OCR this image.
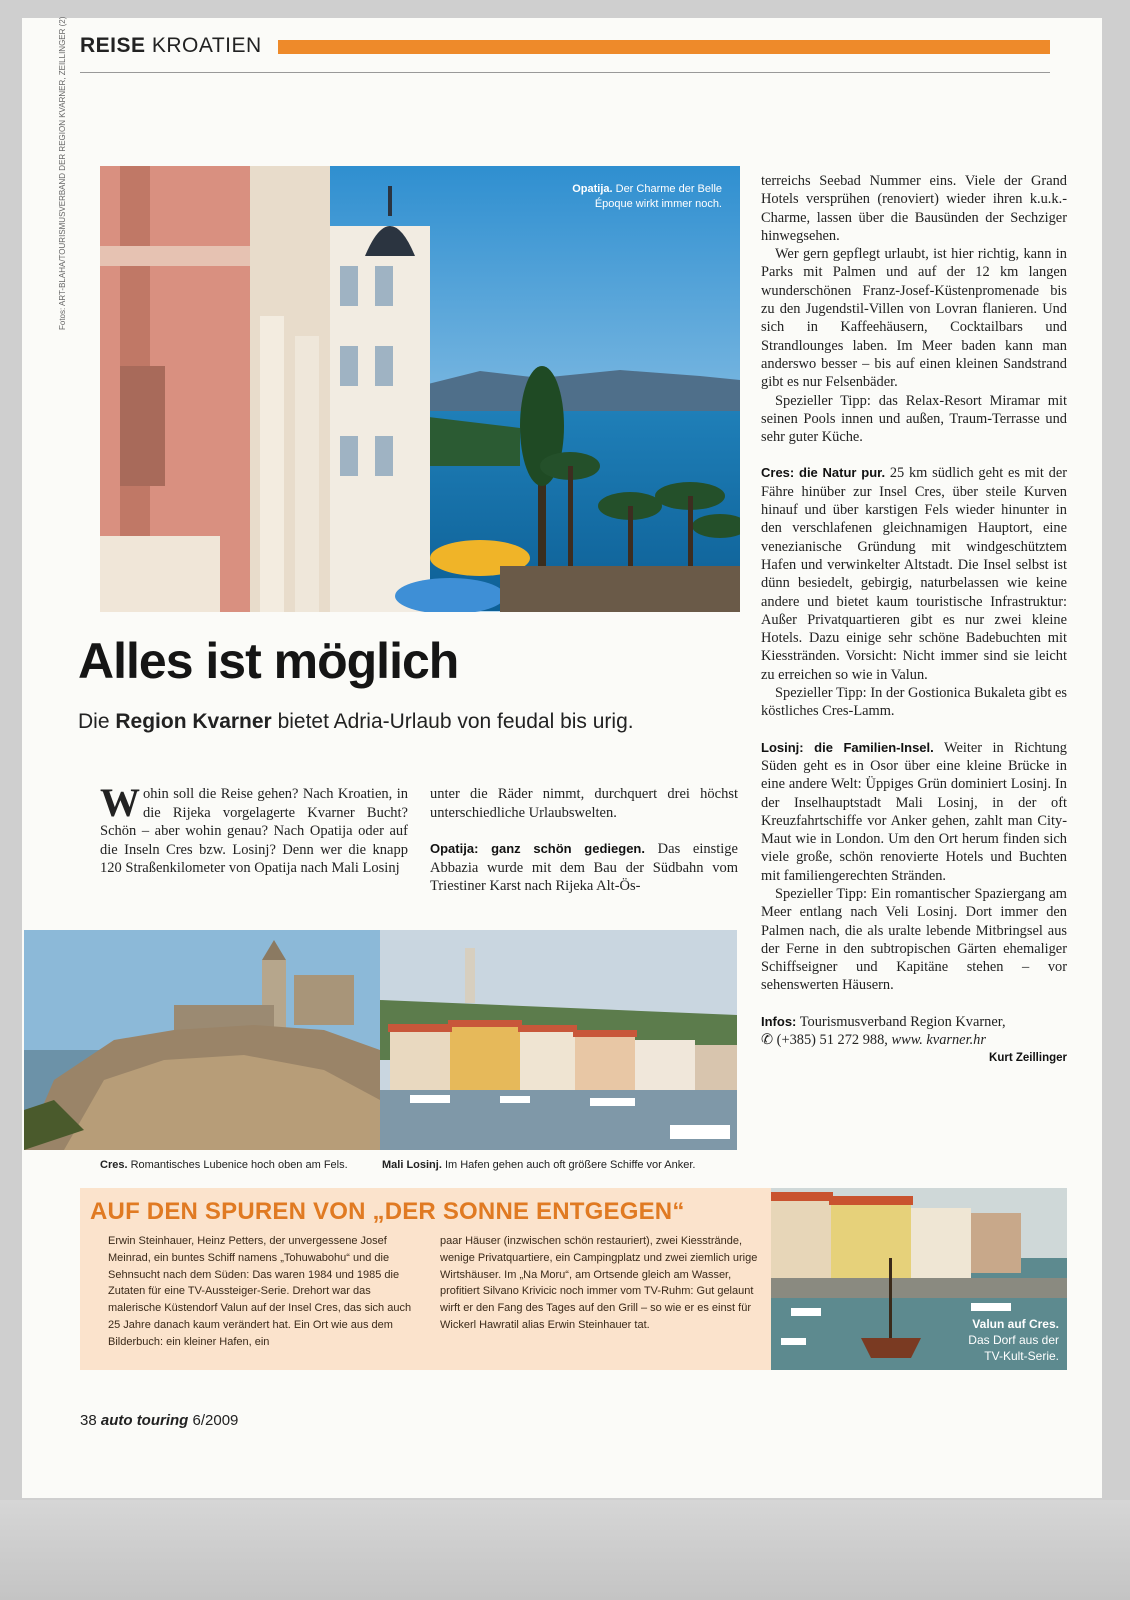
REISE KROATIEN
Opatija. Der Charme der Belle
Époque wirkt immer noch.
Fotos: ART-BLAHA/TOURISMUSVERBAND DER REGION KVARNER, ZEILLINGER (2)
Alles ist möglich
Die Region Kvarner bietet Adria-Urlaub von feudal bis urig.

Wohin soll die Reise gehen? Nach Kroatien, in die Rijeka vorgelagerte Kvarner Bucht? Schön – aber wohin genau? Nach Opatija oder auf die Inseln Cres bzw. Losinj? Denn wer die knapp 120 Straßenkilometer von Opatija nach Mali Losinj

unter die Räder nimmt, durchquert drei höchst unterschiedliche Urlaubswelten.

Opatija: ganz schön gediegen. Das einstige Abbazia wurde mit dem Bau der Südbahn vom Triestiner Karst nach Rijeka Alt-Ös-

Cres. Romantisches Lubenice hoch oben am Fels.	Mali Losinj. Im Hafen gehen auch oft größere Schiffe vor Anker.

terreichs Seebad Nummer eins. Viele der Grand Hotels versprühen (renoviert) wieder ihren k.u.k.-Charme, lassen über die Bausünden der Sechziger hinwegsehen.

Wer gern gepflegt urlaubt, ist hier richtig, kann in Parks mit Palmen und auf der 12 km langen wunderschönen Franz-Josef-Küstenpromenade bis zu den Jugendstil-Villen von Lovran flanieren. Und sich in Kaffeehäusern, Cocktailbars und Strandlounges laben. Im Meer baden kann man anderswo besser – bis auf einen kleinen Sandstrand gibt es nur Felsenbäder.

Spezieller Tipp: das Relax-Resort Miramar mit seinen Pools innen und außen, Traum-Terrasse und sehr guter Küche.

Cres: die Natur pur. 25 km südlich geht es mit der Fähre hinüber zur Insel Cres, über steile Kurven hinauf und über karstigen Fels wieder hinunter in den verschlafenen gleichnamigen Hauptort, eine venezianische Gründung mit windgeschütztem Hafen und verwinkelter Altstadt. Die Insel selbst ist dünn besiedelt, gebirgig, naturbelassen wie keine andere und bietet kaum touristische Infrastruktur: Außer Privatquartieren gibt es nur zwei kleine Hotels. Dazu einige sehr schöne Badebuchten mit Kiesstränden. Vorsicht: Nicht immer sind sie leicht zu erreichen so wie in Valun.

Spezieller Tipp: In der Gostionica Bukaleta gibt es köstliches Cres-Lamm.

Losinj: die Familien-Insel. Weiter in Richtung Süden geht es in Osor über eine kleine Brücke in eine andere Welt: Üppiges Grün dominiert Losinj. In der Inselhauptstadt Mali Losinj, in der oft Kreuzfahrtschiffe vor Anker gehen, zahlt man City-Maut wie in London. Um den Ort herum finden sich viele große, schön renovierte Hotels und Buchten mit familiengerechten Stränden.

Spezieller Tipp: Ein romantischer Spaziergang am Meer entlang nach Veli Losinj. Dort immer den Palmen nach, die als uralte lebende Mitbringsel aus der Ferne in den subtropischen Gärten ehemaliger Schiffseigner und Kapitäne stehen – vor sehenswerten Häusern.

Infos: Tourismusverband Region Kvarner,
✆ (+385) 51 272 988, www. kvarner.hr

Kurt Zeillinger
AUF DEN SPUREN VON „DER SONNE ENTGEGEN“
Erwin Steinhauer, Heinz Petters, der unvergessene Josef Meinrad, ein buntes Schiff namens „Tohuwabohu“ und die Sehnsucht nach dem Süden: Das waren 1984 und 1985 die Zutaten für eine TV-Aussteiger-Serie. Drehort war das malerische Küstendorf Valun auf der Insel Cres, das sich auch 25 Jahre danach kaum verändert hat. Ein Ort wie aus dem Bilderbuch: ein kleiner Hafen, ein
paar Häuser (inzwischen schön restauriert), zwei Kiesstrände, wenige Privatquartiere, ein Campingplatz und zwei ziemlich urige Wirtshäuser. Im „Na Moru“, am Ortsende gleich am Wasser, profitiert Silvano Krivicic noch immer vom TV-Ruhm: Gut gelaunt wirft er den Fang des Tages auf den Grill – so wie er es einst für Wickerl Hawratil alias Erwin Steinhauer tat.	Valun auf Cres.
Das Dorf aus der
TV-Kult-Serie.
38 auto touring 6/2009
